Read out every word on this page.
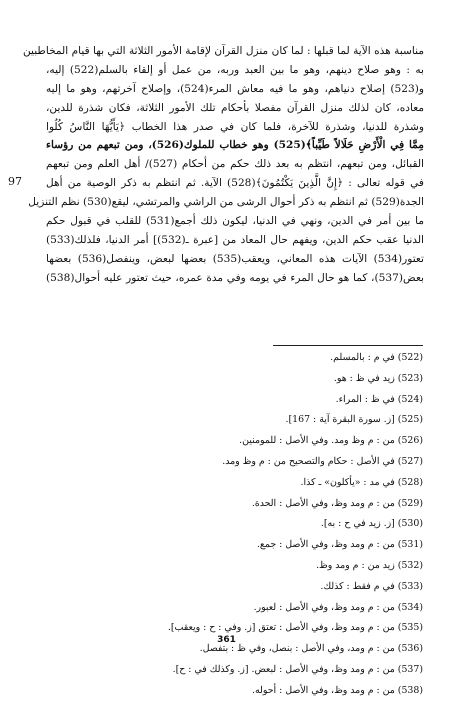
مناسبة هذه الآية لما قبلها : لما كان منزل القرآن لإقامة الأمور الثلاثة التي بها قيام المخاطبين
به : وهو صلاح دينهم، وهو ما بين العبد وربه، من عمل أو إلقاء بالسلم(522) إليه،
و(523) إصلاح دنياهم، وهو ما فيه معاش المرء(524)، وإصلاح آخرتهم، وهو ما إليه
معاده، كان لذلك منزل القرآن مفصلا بأحكام تلك الأمور الثلاثة، فكان شذرة للدين،
وشذرة للدنيا، وشذرة للآخرة، فلما كان في صدر هذا الخطاب ﴿يَأَيُّهَا النَّاسُ كُلُوا
مِمَّا فِي الْأَرْضِ حَلَالاً طَيِّباً﴾(525) وهو خطاب للملوك(526)، ومن تبعهم من رؤساء
القبائل، ومن تبعهم، انتظم به بعد ذلك حكم من أحكام (527)/ أهل العلم ومن تبعهم
في قوله تعالى : ﴿إِنَّ الَّذِينَ يَكْتُمُونَ﴾(528) الآية. ثم انتظم به ذكر الوصية من أهل
الجدة(529) ثم انتظم به ذكر أحوال الرشى من الراشي والمرتشي، ليقع(530) نظم التنزيل
ما بين أمر في الدين، ونهي في الدنيا، ليكون ذلك أجمع(531) للقلب في قبول حكم
الدنيا عقب حكم الدين، ويفهم حال المعاد من [عبرة ـ(532)] أمر الدنيا، فلذلك(533)
تعتور(534) الآيات هذه المعاني، ويعقب(535) بعضها لبعض، وينفصل(536) بعضها
بعض(537)، كما هو حال المرء في يومه وفي مدة عمره، حيث تعتور عليه أحوال(538)
97
(522) في م : بالمسلم.
(523) زيد في ظ : هو.
(524) في ظ : المراء.
(525) [ز. سورة البقرة آية : 167].
(526) من : م وظ ومد. وفي الأصل : للمومنين.
(527) في الأصل : حكام والتصحيح من : م وظ ومد.
(528) في مد : «يأكلون» ـ كذا.
(529) من : م ومد وظ، وفي الأصل : الحدة.
(530) [ز. زيد في ح : به].
(531) من : م ومد وظ، وفي الأصل : جمع.
(532) زيد من : م ومد وظ.
(533) في م فقط : كذلك.
(534) من : م ومد وظ، وفي الأصل : لعبور.
(535) من : م ومد وظ، وفي الأصل : تعتق [ز. وفي : ح : ويعقب].
(536) من : م ومد، وفي الأصل : بنصل، وفي ظ : بتفصل.
(537) من : م ومد وظ، وفي الأصل : لبعض. [ز. وكذلك في : ح].
(538) من : م ومد وظ، وفي الأصل : أحوله.
361
